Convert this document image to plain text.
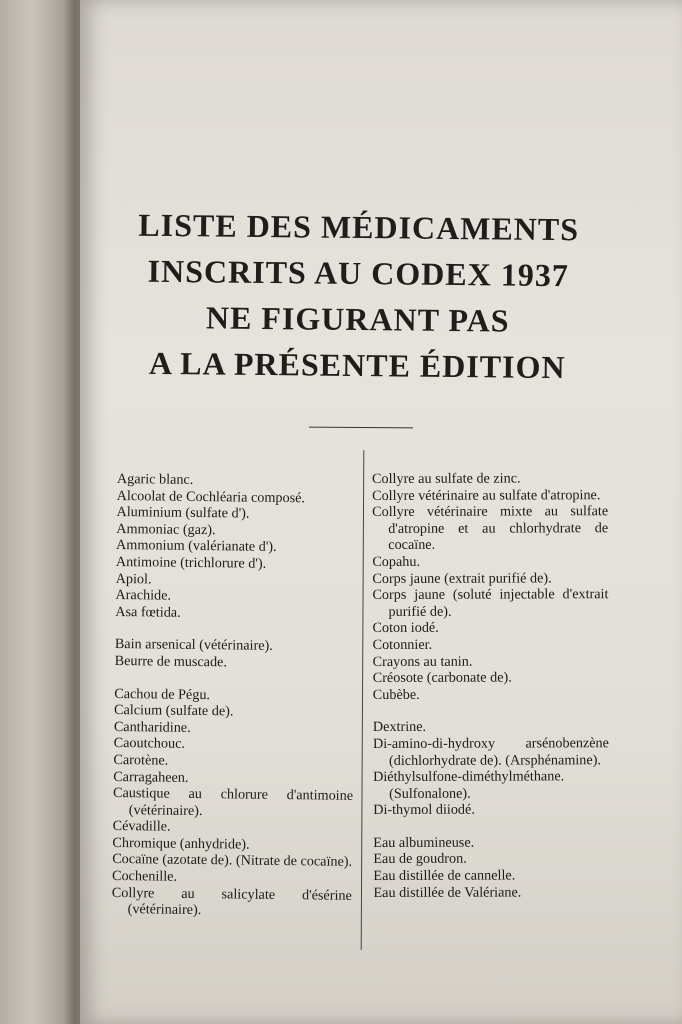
LISTE DES MÉDICAMENTS
INSCRITS AU CODEX 1937
NE FIGURANT PAS
A LA PRÉSENTE ÉDITION
Agaric blanc.
Alcoolat de Cochléaria composé.
Aluminium (sulfate d').
Ammoniac (gaz).
Ammonium (valérianate d').
Antimoine (trichlorure d').
Apiol.
Arachide.
Asa fœtida.
Bain arsenical (vétérinaire).
Beurre de muscade.
Cachou de Pégu.
Calcium (sulfate de).
Cantharidine.
Caoutchouc.
Carotène.
Carragaheen.
Caustique au chlorure d'antimoine (vétérinaire).
Cévadille.
Chromique (anhydride).
Cocaïne (azotate de). (Nitrate de cocaïne).
Cochenille.
Collyre au salicylate d'ésérine (vétérinaire).
Collyre au sulfate de zinc.
Collyre vétérinaire au sulfate d'atropine.
Collyre vétérinaire mixte au sulfate d'atropine et au chlorhydrate de cocaïne.
Copahu.
Corps jaune (extrait purifié de).
Corps jaune (soluté injectable d'extrait purifié de).
Coton iodé.
Cotonnier.
Crayons au tanin.
Créosote (carbonate de).
Cubèbe.
Dextrine.
Di-amino-di-hydroxy arsénobenzène (dichlorhydrate de). (Arsphénamine).
Diéthylsulfone-diméthylméthane. (Sulfonalone).
Di-thymol diiodé.
Eau albumineuse.
Eau de goudron.
Eau distillée de cannelle.
Eau distillée de Valériane.
